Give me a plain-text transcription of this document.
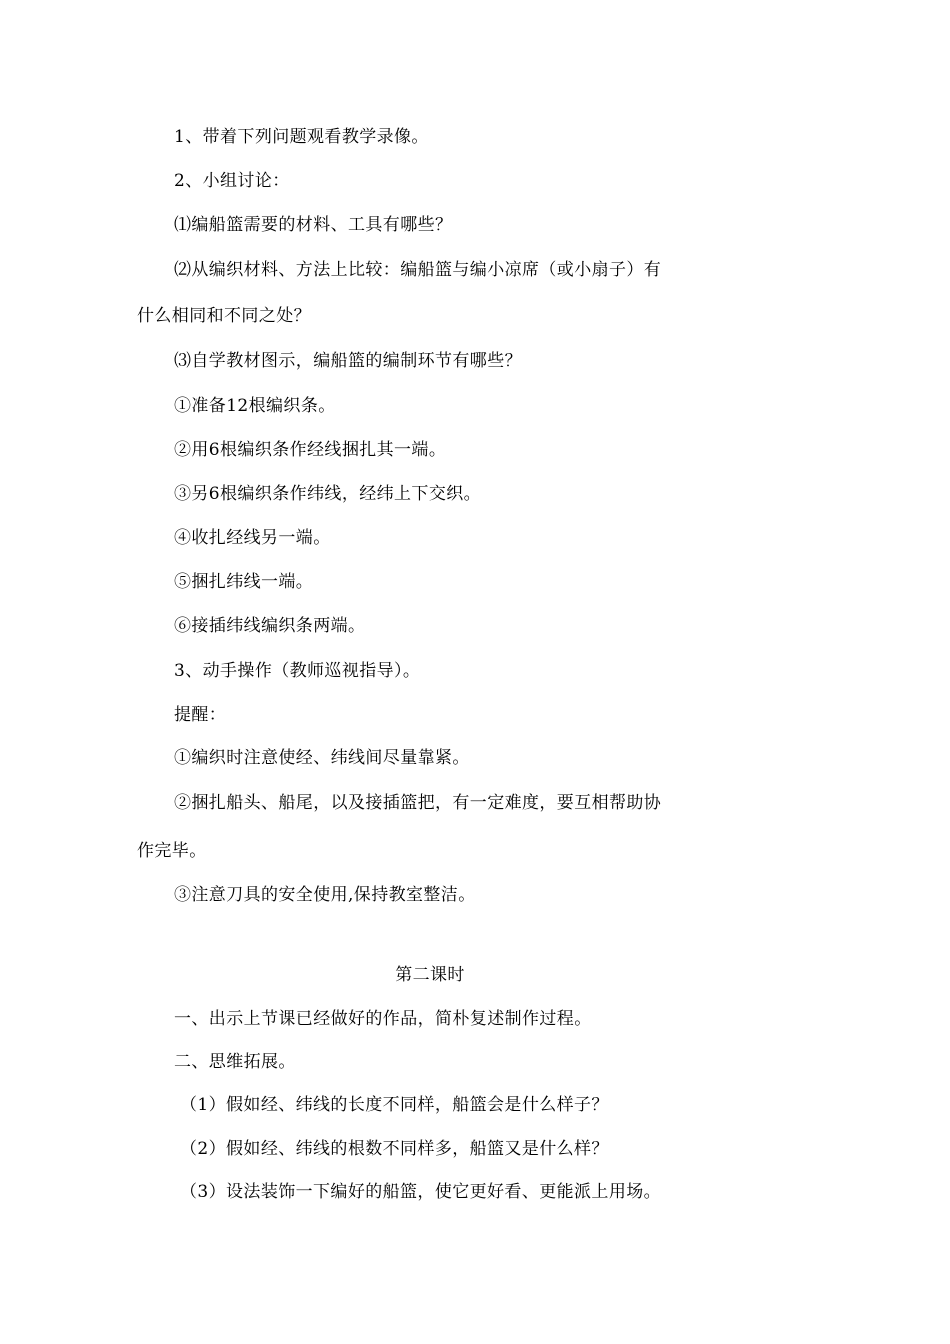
1、带着下列问题观看教学录像。
2、小组讨论：
⑴编船篮需要的材料、工具有哪些？
⑵从编织材料、方法上比较：编船篮与编小凉席（或小扇子）有
什么相同和不同之处？
⑶自学教材图示，编船篮的编制环节有哪些？
①准备12根编织条。
②用6根编织条作经线捆扎其一端。
③另6根编织条作纬线，经纬上下交织。
④收扎经线另一端。
⑤捆扎纬线一端。
⑥接插纬线编织条两端。
3、动手操作（教师巡视指导）。
提醒：
①编织时注意使经、纬线间尽量靠紧。
②捆扎船头、船尾，以及接插篮把，有一定难度，要互相帮助协
作完毕。
③注意刀具的安全使用,保持教室整洁。
第二课时
一、出示上节课已经做好的作品，简朴复述制作过程。
二、思维拓展。
（1）假如经、纬线的长度不同样，船篮会是什么样子？
（2）假如经、纬线的根数不同样多，船篮又是什么样？
（3）设法装饰一下编好的船篮，使它更好看、更能派上用场。
